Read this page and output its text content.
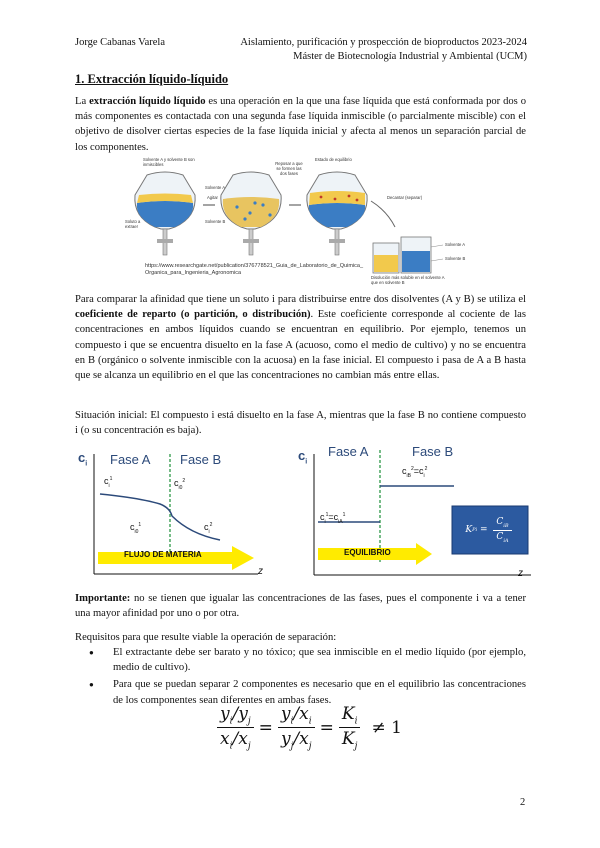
Jorge Cabanas Varela	Aislamiento, purificación y prospección de bioproductos 2023-2024
Máster de Biotecnología Industrial y Ambiental (UCM)
1. Extracción líquido-líquido

La extracción líquido líquido es una operación en la que una fase líquida que está conformada por dos o más componentes es contactada con una segunda fase líquida inmiscible (o parcialmente miscible) con el objetivo de disolver ciertas especies de la fase líquida inicial y afecta al menos un separación parcial de los componentes.

Solvente A y solvente B son inmiscibles
Solvente A
Agitar
Solvente B
Soluto a extraer
Reposar a que se formen las dos fases
Estado de equilibrio
Decantar (separar)
Solvente A
Solvente B
Disolución más soluble en el solvente A que en solvente B
https://www.researchgate.net/publication/376778521_Guia_de_Laboratorio_de_Quimica_Organica_para_Ingenieria_Agronomica

Para comparar la afinidad que tiene un soluto i para distribuirse entre dos disolventes (A y B) se utiliza el coeficiente de reparto (o partición, o distribución). Este coeficiente corresponde al cociente de las concentraciones en ambos líquidos cuando se encuentran en equilibrio. Por ejemplo, tenemos un compuesto i que se encuentra disuelto en la fase A (acuoso, como el medio de cultivo) y no se encuentra en B (orgánico o solvente inmiscible con la acuosa) en la fase inicial. El compuesto i pasa de A a B hasta que se alcanza un equilibrio en el que las concentraciones no cambian más entre ellas.

Situación inicial: El compuesto i está disuelto en la fase A, mientras que la fase B no contiene compuesto i (o su concentración es baja).

$c_i$ Fase A Fase B
$c_i^1$	$c_{i0}^2$
$c_{i0}^1$	$c_i^2$
FLUJO DE MATERIA
z
$c_i$
Fase A	Fase B
$c_{iB}^2=c_i^2$
$c_i^1=c_{iA}^1$
EQUILIBRIO
z
K $Pi = \frac{C_{iB}}{C_{iA}}$

Importante: no se tienen que igualar las concentraciones de las fases, pues el componente i va a tener una mayor afinidad por uno o por otra.

Requisitos para que resulte viable la operación de separación:

● El extractante debe ser barato y no tóxico; que sea inmiscible en el medio líquido (por ejemplo, medio de cultivo).
● Para que se puedan separar 2 componentes es necesario que en el equilibrio las concentraciones de los componentes sean diferentes en ambas fases.
$\frac{y_i/y_j}{x_i/x_j} = \frac{y_i/x_i}{y_j/x_j} = \frac{K_i}{K_j} \ne 1$
2
